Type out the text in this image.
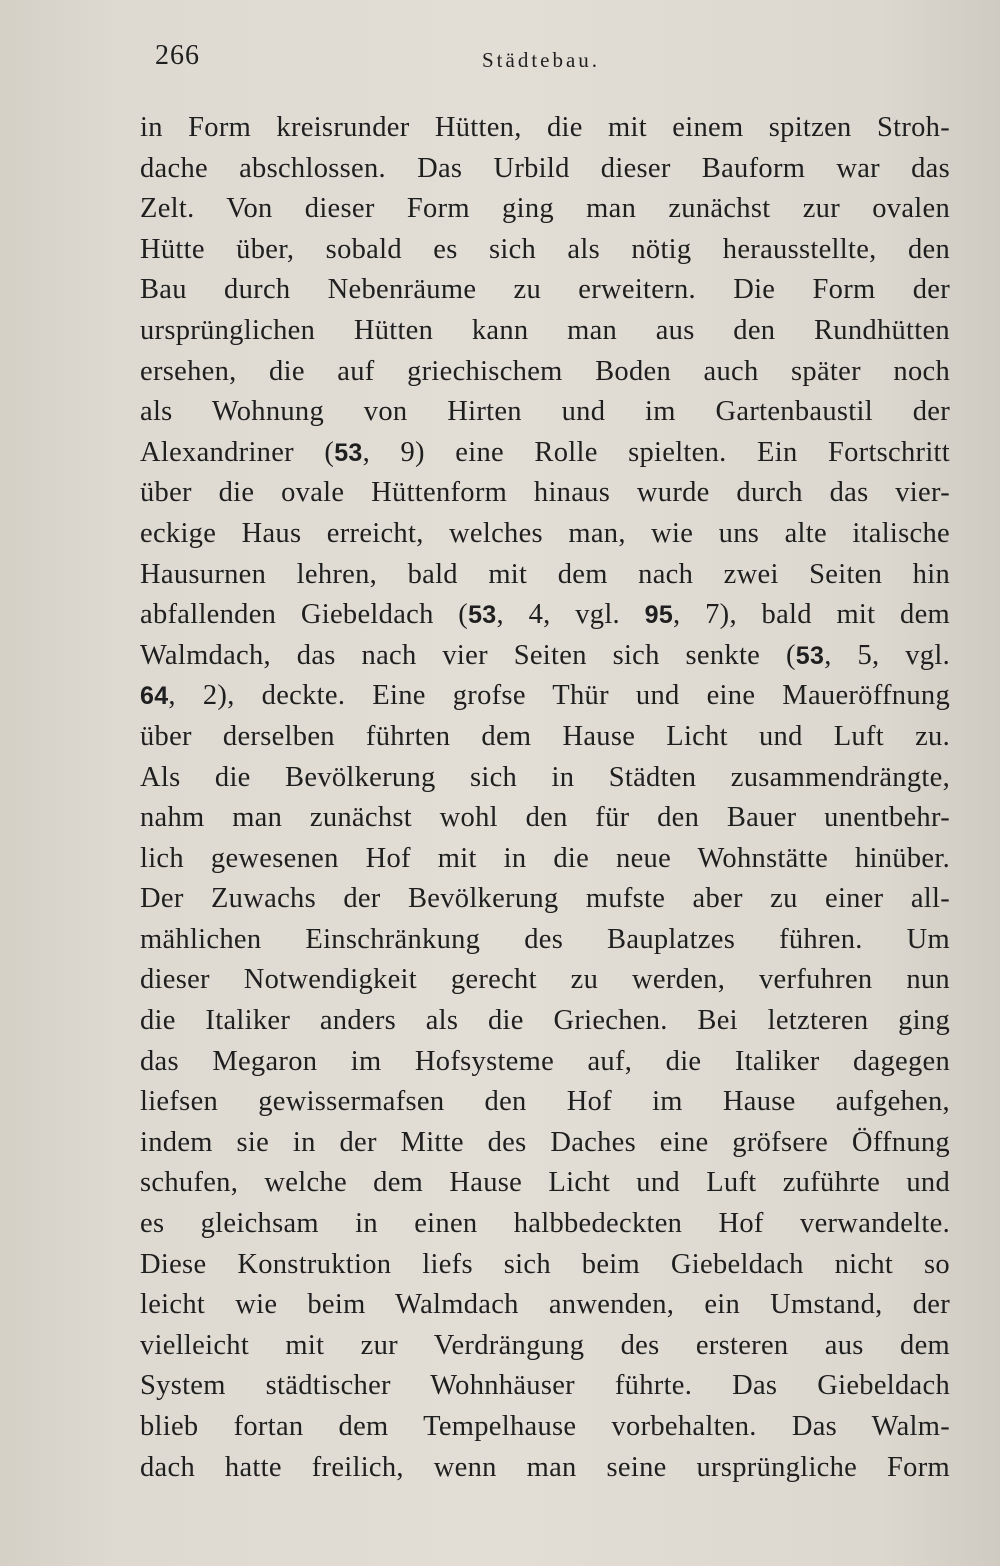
266	Städtebau.
in Form kreisrunder Hütten, die mit einem spitzen Stroh-
dache abschlossen. Das Urbild dieser Bauform war das
Zelt. Von dieser Form ging man zunächst zur ovalen
Hütte über, sobald es sich als nötig herausstellte, den
Bau durch Nebenräume zu erweitern. Die Form der
ursprünglichen Hütten kann man aus den Rundhütten
ersehen, die auf griechischem Boden auch später noch
als Wohnung von Hirten und im Gartenbaustil der
Alexandriner (53, 9) eine Rolle spielten. Ein Fortschritt
über die ovale Hüttenform hinaus wurde durch das vier-
eckige Haus erreicht, welches man, wie uns alte italische
Hausurnen lehren, bald mit dem nach zwei Seiten hin
abfallenden Giebeldach (53, 4, vgl. 95, 7), bald mit dem
Walmdach, das nach vier Seiten sich senkte (53, 5, vgl.
64, 2), deckte. Eine grofse Thür und eine Maueröffnung
über derselben führten dem Hause Licht und Luft zu.
Als die Bevölkerung sich in Städten zusammendrängte,
nahm man zunächst wohl den für den Bauer unentbehr-
lich gewesenen Hof mit in die neue Wohnstätte hinüber.
Der Zuwachs der Bevölkerung mufste aber zu einer all-
mählichen Einschränkung des Bauplatzes führen. Um
dieser Notwendigkeit gerecht zu werden, verfuhren nun
die Italiker anders als die Griechen. Bei letzteren ging
das Megaron im Hofsysteme auf, die Italiker dagegen
liefsen gewissermafsen den Hof im Hause aufgehen,
indem sie in der Mitte des Daches eine gröfsere Öffnung
schufen, welche dem Hause Licht und Luft zuführte und
es gleichsam in einen halbbedeckten Hof verwandelte.
Diese Konstruktion liefs sich beim Giebeldach nicht so
leicht wie beim Walmdach anwenden, ein Umstand, der
vielleicht mit zur Verdrängung des ersteren aus dem
System städtischer Wohnhäuser führte. Das Giebeldach
blieb fortan dem Tempelhause vorbehalten. Das Walm-
dach hatte freilich, wenn man seine ursprüngliche Form
